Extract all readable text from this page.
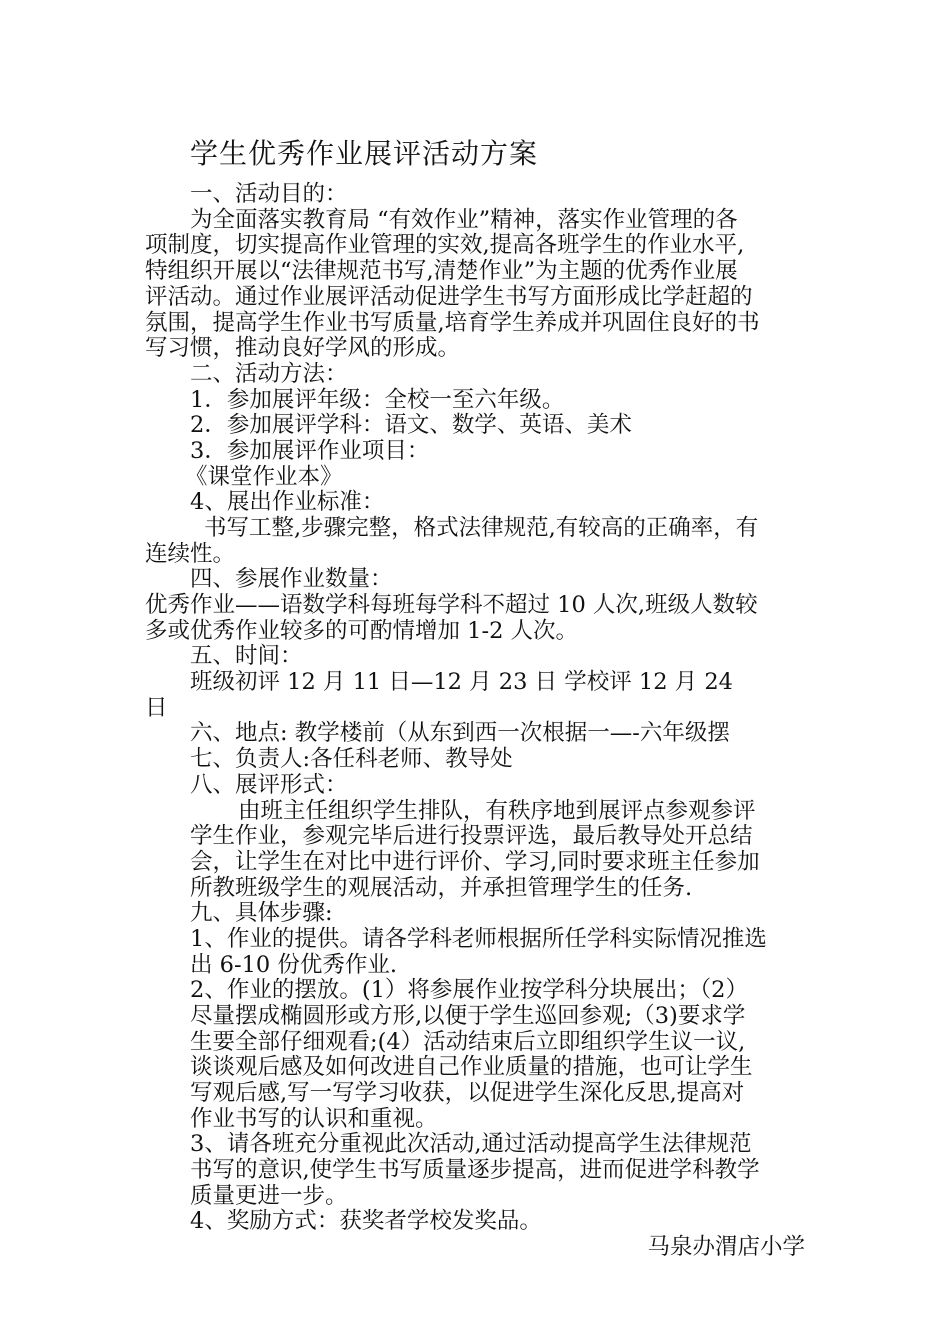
学生优秀作业展评活动方案
一、活动目的：
为全面落实教育局 “有效作业”精神，落实作业管理的各
项制度，切实提高作业管理的实效,提高各班学生的作业水平,
特组织开展以“法律规范书写,清楚作业”为主题的优秀作业展
评活动。通过作业展评活动促进学生书写方面形成比学赶超的
氛围，提高学生作业书写质量,培育学生养成并巩固住良好的书
写习惯，推动良好学风的形成。
二、活动方法：
1．参加展评年级：全校一至六年级。
2．参加展评学科：语文、数学、英语、美术
3．参加展评作业项目：
《课堂作业本》
4、展出作业标准：
书写工整,步骤完整，格式法律规范,有较高的正确率，有
连续性。
四、参展作业数量：
优秀作业——语数学科每班每学科不超过 10 人次,班级人数较
多或优秀作业较多的可酌情增加 1-2 人次。
五、时间：
班级初评 12 月 11 日—12 月 23 日 学校评 12 月 24
日
六、地点: 教学楼前（从东到西一次根据一—-六年级摆
七、负责人:各任科老师、教导处
八、展评形式：
由班主任组织学生排队，有秩序地到展评点参观参评
学生作业，参观完毕后进行投票评选，最后教导处开总结
会，让学生在对比中进行评价、学习,同时要求班主任参加
所教班级学生的观展活动，并承担管理学生的任务.
九、具体步骤:
1、作业的提供。请各学科老师根据所任学科实际情况推选
出 6-10 份优秀作业.
2、作业的摆放。(1）将参展作业按学科分块展出；（2）
尽量摆成椭圆形或方形,以便于学生巡回参观;（3)要求学
生要全部仔细观看;(4）活动结束后立即组织学生议一议,
谈谈观后感及如何改进自己作业质量的措施，也可让学生
写观后感,写一写学习收获，以促进学生深化反思,提高对
作业书写的认识和重视。
3、请各班充分重视此次活动,通过活动提高学生法律规范
书写的意识,使学生书写质量逐步提高，进而促进学科教学
质量更进一步。
4、奖励方式：获奖者学校发奖品。
马泉办渭店小学
